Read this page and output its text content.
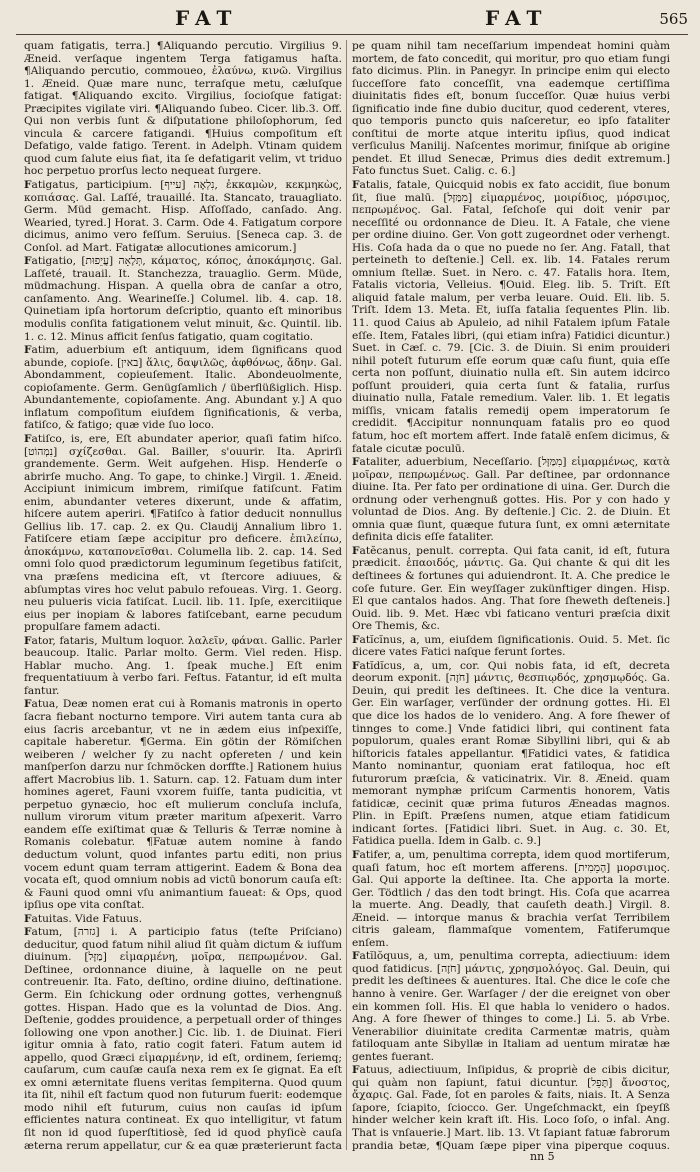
FAT	FAT	565

quam fatigatis, terra.] ¶Aliquando percutio. Virgilius 9. Æneid. verſaque ingentem Terga fatigamus haſta. ¶Aliquando percutio, commoueo, ἐλαύνω, κινῶ. Virgilius 1. Æneid. Quæ mare nunc, terraſque metu, cæluſque fatigat. ¶Aliquando excito. Virgilius, ſocioſque fatigat: Præcipites vigilate viri. ¶Aliquando ſubeo. Cicer. lib.3. Off. Qui non verbis ſunt & diſputatione philoſophorum, ſed vincula & carcere fatigandi. ¶Huius compoſitum eſt Defatigo, valde fatigo. Terent. in Adelph. Vtinam quidem quod cum ſalute eius fiat, ita ſe defatigarit velim, vt triduo hoc perpetuo prorſus lecto nequeat ſurgere.

Fatigatus, participium. [עייף] נִלְאֶה, ἐκκαμὼν, κεκμηκὼς, κοπιάσας. Gal. Laſſé, trauaillé. Ita. Stancato, trauagliato. Germ. Müd gemacht. Hisp. Aſſoſſado, canſado. Ang. Wearied, tyred.] Horat. 3. Carm. Ode 4. Fatigatum corpore dicimus, animo vero feſſum. Seruius. [Seneca cap. 3. de Conſol. ad Mart. Fatigatæ allocutiones amicorum.]

Fatigatio, [עֲיֵפוּת] תְּלָאָה, κάματος, κόπος, ἀποκάμησις. Gal. Laſſeté, trauail. It. Stanchezza, trauaglio. Germ. Müde, müdmachung. Hispan. A quella obra de canſar a otro, canſamento. Ang. Wearineſſe.] Columel. lib. 4. cap. 18. Quinetiam ipſa hortorum deſcriptio, quanto eſt minoribus modulis conſita fatigationem velut minuit, &c. Quintil. lib. 1. c. 12. Minus afficit ſenſus fatigatio, quam cogitatio.

Fatim, aduerbium eſt antiquum, idem ſignificans quod abunde, copioſe. [באין] ἅλις, δαψιλῶς, ἀφθόνως, ἄδην. Gal. Abondamment, copieuſement. Italic. Abondeuolmente, copioſamente. Germ. Genügſamlich / überflüßiglich. Hisp. Abundantemente, copioſamente. Ang. Abundant y.] A quo inflatum compoſitum eiuſdem ſignificationis, & verba, fatiſco, & fatigo; quæ vide ſuo loco.

Fatiſco, is, ere, Eſt abundater aperior, quaſi fatim hiſco. [נִמְהוֹט] σχίζεσθαι. Gal. Bailler, s'ouurir. Ita. Aprirſi grandemente. Germ. Weit aufgehen. Hisp. Henderſe o abrirſe mucho. Ang. To gape, to chinke.] Virgil. 1. Æneid. Accipiunt inimicum imbrem, rimiſque fatiſcunt. Fatim enim, abundanter veteres dixerunt, unde & affatim, hiſcere autem aperiri. ¶Fatiſco à fatior deducit nonnullus Gellius lib. 17. cap. 2. ex Qu. Claudij Annalium libro 1. Fatiſcere etiam ſæpe accipitur pro deficere. ἐπιλείπω, ἀποκάμνω, καταπονεῖσθαι. Columella lib. 2. cap. 14. Sed omni ſolo quod prædictorum leguminum ſegetibus fatiſcit, vna præſens medicina eſt, vt ſtercore adiuues, & abſumptas vires hoc velut pabulo refoueas. Virg. 1. Georg. neu pulueris vicia fatiſcat. Lucil. lib. 11. Ipſe, exercitiique eius per inopiam & labores fatiſcebant, earne pecudum propulſare famem adacti.

Fator, fataris, Multum loquor. λαλεῖν, φάναι. Gallic. Parler beaucoup. Italic. Parlar molto. Germ. Viel reden. Hisp. Hablar mucho. Ang. 1. ſpeak muche.] Eſt enim frequentatiuum à verbo fari. Feſtus. Fatantur, id eſt multa fantur.

Fatua, Deæ nomen erat cui à Romanis matronis in operto ſacra fiebant nocturno tempore. Viri autem tanta cura ab eius ſacris arcebantur, vt ne in ædem eius inſpexiſſe, capitale haberetur. ¶Germa. Ein götin der Römiſchen weiberen / welcher ſy zu nacht opfereten / und kein manſperſon darzu nur ſchmöcken dorffte.] Rationem huius affert Macrobius lib. 1. Saturn. cap. 12. Fatuam dum inter homines ageret, Fauni vxorem fuiſſe, tanta pudicitia, vt perpetuo gynæcio, hoc eſt mulierum concluſa incluſa, nullum virorum vitum præter maritum aſpexerit. Varro eandem eſſe exiſtimat quæ & Telluris & Terræ nomine à Romanis colebatur. ¶Fatuæ autem nomine à fando deductum volunt, quod infantes partu editi, non prius vocem edunt quam terram attigerint. Eadem & Bona dea vocata eſt, quod omnium nobis ad victū bonorum cauſa eſt: & Fauni quod omni vſu animantium faueat: & Ops, quod ipſius ope vita conſtat.

Fatuitas. Vide Fatuus.

Fatum, [גזרה] i. A participio fatus (teſte Priſciano) deducitur, quod fatum nihil aliud ſit quàm dictum & iuſſum diuinum. [מַזָּל] εἱμαρμένη, μοῖρα, πεπρωμένον. Gal. Deſtinee, ordonnance diuine, à laquelle on ne peut contreuenir. Ita. Fato, deſtino, ordine diuino, deſtinatione. Germ. Ein ſchickung oder ordnung gottes, verhengnuß gottes. Hispan. Hado que es la voluntad de Dios. Ang. Deſtenie, goddes prouidence, a perpetuall order of thinges ſollowing one vpon another.] Cic. lib. 1. de Diuinat. Fieri igitur omnia à fato, ratio cogit fateri. Fatum autem id appello, quod Græci εἱμαρμένην, id eſt, ordinem, ſeriemq; cauſarum, cum cauſæ cauſa nexa rem ex ſe gignat. Ea eſt ex omni æternitate fluens veritas ſempiterna. Quod quum ita ſit, nihil eſt factum quod non futurum fuerit: eodemque modo nihil eſt futurum, cuius non cauſas id ipſum efficientes natura contineat. Ex quo intelligitur, vt fatum ſit non id quod ſuperſtitiosè, ſed id quod phyſicè cauſa æterna rerum appellatur, cur & ea quæ præterierunt facta

pe quam nihil tam neceſſarium impendeat homini quàm mortem, de fato concedit, qui moritur, pro quo etiam fungi fato dicimus. Plin. in Panegyr. In principe enim qui electo ſucceſſore fato conceſſit, vna eademque certiſſima diuinitatis fides eſt, bonum ſucceſſor. Quæ huius verbi ſignificatio inde fine dubio ducitur, quod cederent, vteres, quo temporis puncto quis naſceretur, eo ipſo fataliter conſtitui de morte atque interitu ipſius, quod indicat verſiculus Manilij. Naſcentes morimur, finiſque ab origine pendet. Et illud Senecæ, Primus dies dedit extremum.] Fato functus Suet. Calig. c. 6.]

Fatalis, fatale, Quicquid nobis ex fato accidit, ſiue bonum ſit, ſiue malū. [מִמַּזָּל] εἱμαρμένος, μοιρίδιος, μόρσιμος, πεπρωμένος. Gal. Fatal, ſeſchoſe qui doit venir par neceſſité ou ordonnance de Dieu. It. A Fatale, che viene per ordine diuino. Ger. Von gott zugeordnet oder verhengt. His. Coſa hada da o que no puede no ſer. Ang. Fatall, that perteineth to deſtenie.] Cell. ex. lib. 14. Fatales rerum omnium ſtellæ. Suet. in Nero. c. 47. Fatalis hora. Item, Fatalis victoria, Velleius. ¶Ouid. Eleg. lib. 5. Triſt. Eſt aliquid fatale malum, per verba leuare. Ouid. Eli. lib. 5. Triſt. Idem 13. Meta. Et, iuſſa fatalia ſequentes Plin. lib. 11. quod Caius ab Apuleio, ad nihil Fatalem ipſum Fatale eſſe. Item, Fatales libri, (qui etiam inſra) Fatidici dicuntur.) Suet. in Cæſ. c. 79. [Cic. 3. de Diuin. Si enim prouideri nihil poteſt futurum eſſe eorum quæ caſu fiunt, quia eſſe certa non poſſunt, diuinatio nulla eſt. Sin autem idcirco poſſunt prouideri, quia certa ſunt & fatalia, rurſus diuinatio nulla, Fatale remedium. Valer. lib. 1. Et legatis miſſis, vnicam fatalis remedij opem imperatorum ſe credidit. ¶Accipitur nonnunquam fatalis pro eo quod fatum, hoc eſt mortem affert. Inde fatalē enſem dicimus, & fatale cicutæ poculū.

Fataliter, aduerbium, Neceſſario. [מִמַּזָּל] εἱμαρμένως, κατὰ μοῖραν, πεπρωμένως. Gall. Par deſtinee, par ordonnance diuine. Ita. Per fato per ordinatione di uina. Ger. Durch die ordnung oder verhengnuß gottes. His. Por y con hado y voluntad de Dios. Ang. By deſtenie.] Cic. 2. de Diuin. Et omnia quæ ſiunt, quæque futura ſunt, ex omni æternitate definita dicis eſſe fataliter.

Fatĕcanus, penult. correpta. Qui fata canit, id eſt, futura prædicit. ἐπαοιδός, μάντις. Ga. Qui chante & qui dit les deſtinees & fortunes qui aduiendront. It. A. Che predice le coſe future. Ger. Ein weyſſager zukünftiger dingen. Hisp. El que cantalos hados. Ang. That ſore ſheweth deſteneis.] Ouid. lib. 9. Met. Hæc vbi faticano venturi præſcia dixit Ore Themis, &c.

Fatĭcĭnus, a, um, eiuſdem ſignificationis. Ouid. 5. Met. ſic dicere vates Fatici naſque ferunt ſortes.

Fatĭdĭcus, a, um, cor. Qui nobis fata, id eſt, decreta deorum exponit. [חֹזֶה] μάντις, θεσπιῳδός, χρησμῳδός. Ga. Deuin, qui predit les deſtinees. It. Che dice la ventura. Ger. Ein warſager, verſünder der ordnung gottes. Hi. El que dice los hados de lo venidero. Ang. A fore ſhewer of tinnges to come.] Vnde fatidici libri, qui continent fata populorum, quales erant Romæ Sibyllini libri, qui & ab hiſtoricis fatales appellantur. ¶Fatidici vates, & fatidica Manto nominantur, quoniam erat fatiloqua, hoc eſt futurorum præſcia, & vaticinatrix. Vir. 8. Æneid. quam memorant nymphæ priſcum Carmentis honorem, Vatis fatidicæ, cecinit quæ prima futuros Æneadas magnos. Plin. in Epiſt. Præſens numen, atque etiam fatidicum indicant ſortes. [Fatidici libri. Suet. in Aug. c. 30. Et, Fatidica puella. Idem in Galb. c. 9.]

Fatifer, a, um, penultima correpta, idem quod mortiferum, quaſi fatum, hoc eſt mortem afferens. [הָמֵמִית] μορσιμος. Gal. Qui apporte la deſtinee. Ita. Che apporta la morte. Ger. Tödtlich / das den todt bringt. His. Coſa que acarrea la muerte. Ang. Deadly, that cauſeth death.] Virgil. 8. Æneid. — intorque manus & brachia verſat Terribilem citris galeam, flammaſque vomentem, Fatiferumque enſem.

Fatĭlŏquus, a, um, penultima correpta, adiectiuum: idem quod fatidicus. [חֹזֶה] μάντις, χρησμολόγος. Gal. Deuin, qui predit les deſtinees & auentures. Ital. Che dice le coſe che hanno à venire. Ger. Warſager / der die ereignet von ober ein kommen ſoll. His. El que habla lo venidero o hados. Ang. A fore ſhewer of thinges to come.] Li. 5. ab Vrbe. Venerabilior diuinitate credita Carmentæ matris, quàm fatiloquam ante Sibyllæ in Italiam ad uentum miratæ hæ gentes fuerant.

Fatuus, adiectiuum, Inſipidus, & propriè de cibis dicitur, qui quàm non ſapiunt, fatui dicuntur. [תָּפֵל] ἄνοστος, ἄχαρις. Gal. Fade, ſot en paroles & faits, niais. It. A Senza ſapore, ſciapito, ſciocco. Ger. Ungeſchmackt, ein ſpeyſß hinder welcher kein kraft iſt. His. Loco ſoſo, o infal. Ang. That is vnſauerie.] Mart. lib. 13. Vt ſapiant fatuæ fabrorum prandia betæ, ¶Quam ſæpe piper vina piperque coquus.

nn 5
